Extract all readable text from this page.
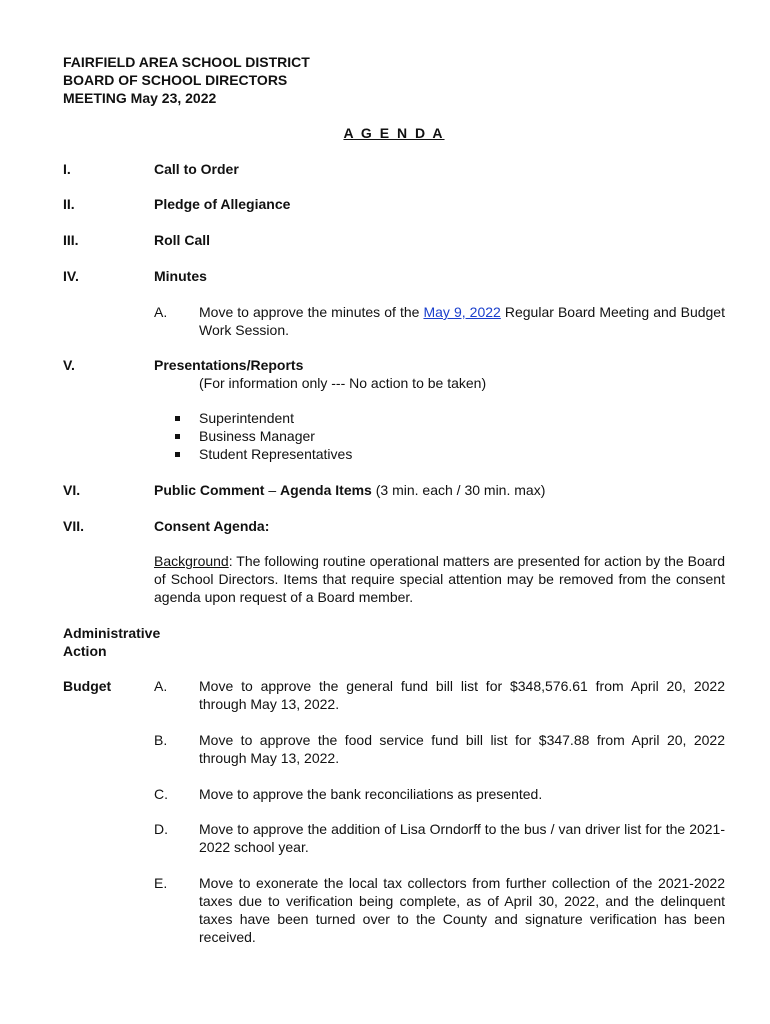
FAIRFIELD AREA SCHOOL DISTRICT
BOARD OF SCHOOL DIRECTORS
MEETING May 23, 2022
A G E N D A
I.	Call to Order
II.	Pledge of Allegiance
III.	Roll Call
IV.	Minutes
A. Move to approve the minutes of the May 9, 2022 Regular Board Meeting and Budget Work Session.
V.	Presentations/Reports
(For information only --- No action to be taken)
Superintendent
Business Manager
Student Representatives
VI.	Public Comment – Agenda Items (3 min. each / 30 min. max)
VII.	Consent Agenda:
Background: The following routine operational matters are presented for action by the Board of School Directors. Items that require special attention may be removed from the consent agenda upon request of a Board member.
Administrative
Action
Budget	A. Move to approve the general fund bill list for $348,576.61 from April 20, 2022 through May 13, 2022.
B. Move to approve the food service fund bill list for $347.88 from April 20, 2022 through May 13, 2022.
C. Move to approve the bank reconciliations as presented.
D. Move to approve the addition of Lisa Orndorff to the bus / van driver list for the 2021-2022 school year.
E. Move to exonerate the local tax collectors from further collection of the 2021-2022 taxes due to verification being complete, as of April 30, 2022, and the delinquent taxes have been turned over to the County and signature verification has been received.
